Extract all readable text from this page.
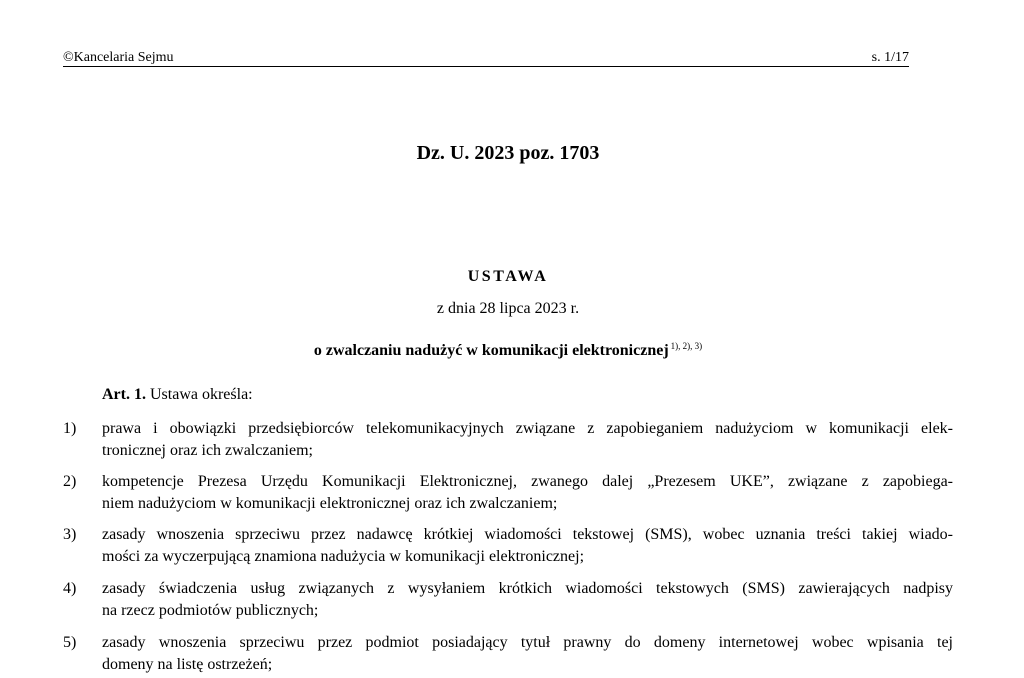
©Kancelaria Sejmu	s. 1/17
Dz. U. 2023 poz. 1703
USTAWA
z dnia 28 lipca 2023 r.
o zwalczaniu nadużyć w komunikacji elektronicznej $^{1), 2), 3)}$
Art. 1. Ustawa określa:
1) prawa i obowiązki przedsiębiorców telekomunikacyjnych związane z zapobieganiem nadużyciom w komunikacji elek-
tronicznej oraz ich zwalczaniem;
2) kompetencje Prezesa Urzędu Komunikacji Elektronicznej, zwanego dalej „Prezesem UKE”, związane z zapobiega-
niem nadużyciom w komunikacji elektronicznej oraz ich zwalczaniem;
3) zasady wnoszenia sprzeciwu przez nadawcę krótkiej wiadomości tekstowej (SMS), wobec uznania treści takiej wiado-
mości za wyczerpującą znamiona nadużycia w komunikacji elektronicznej;
4) zasady świadczenia usług związanych z wysyłaniem krótkich wiadomości tekstowych (SMS) zawierających nadpisy
na rzecz podmiotów publicznych;
5) zasady wnoszenia sprzeciwu przez podmiot posiadający tytuł prawny do domeny internetowej wobec wpisania tej
domeny na listę ostrzeżeń;
